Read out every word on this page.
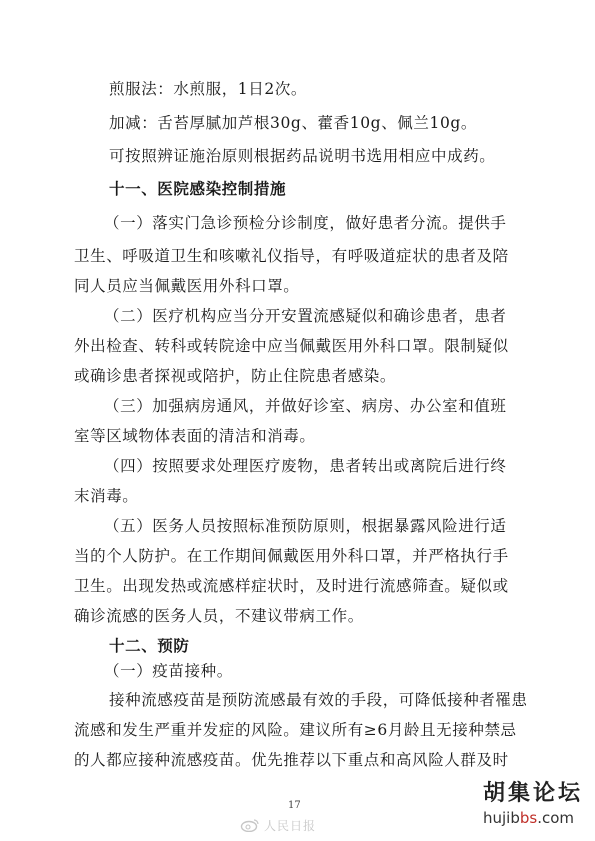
煎服法：水煎服，1日2次。
加减：舌苔厚腻加芦根30g、藿香10g、佩兰10g。
可按照辨证施治原则根据药品说明书选用相应中成药。
十一、医院感染控制措施
（一）落实门急诊预检分诊制度，做好患者分流。提供手
卫生、呼吸道卫生和咳嗽礼仪指导，有呼吸道症状的患者及陪
同人员应当佩戴医用外科口罩。
（二）医疗机构应当分开安置流感疑似和确诊患者，患者
外出检查、转科或转院途中应当佩戴医用外科口罩。限制疑似
或确诊患者探视或陪护，防止住院患者感染。
（三）加强病房通风，并做好诊室、病房、办公室和值班
室等区域物体表面的清洁和消毒。
（四）按照要求处理医疗废物，患者转出或离院后进行终
末消毒。
（五）医务人员按照标准预防原则，根据暴露风险进行适
当的个人防护。在工作期间佩戴医用外科口罩，并严格执行手
卫生。出现发热或流感样症状时，及时进行流感筛查。疑似或
确诊流感的医务人员，不建议带病工作。
十二、预防
（一）疫苗接种。
接种流感疫苗是预防流感最有效的手段，可降低接种者罹患
流感和发生严重并发症的风险。建议所有≥6月龄且无接种禁忌
的人都应接种流感疫苗。优先推荐以下重点和高风险人群及时
17
人民日报
胡集论坛
hujibbs.com
